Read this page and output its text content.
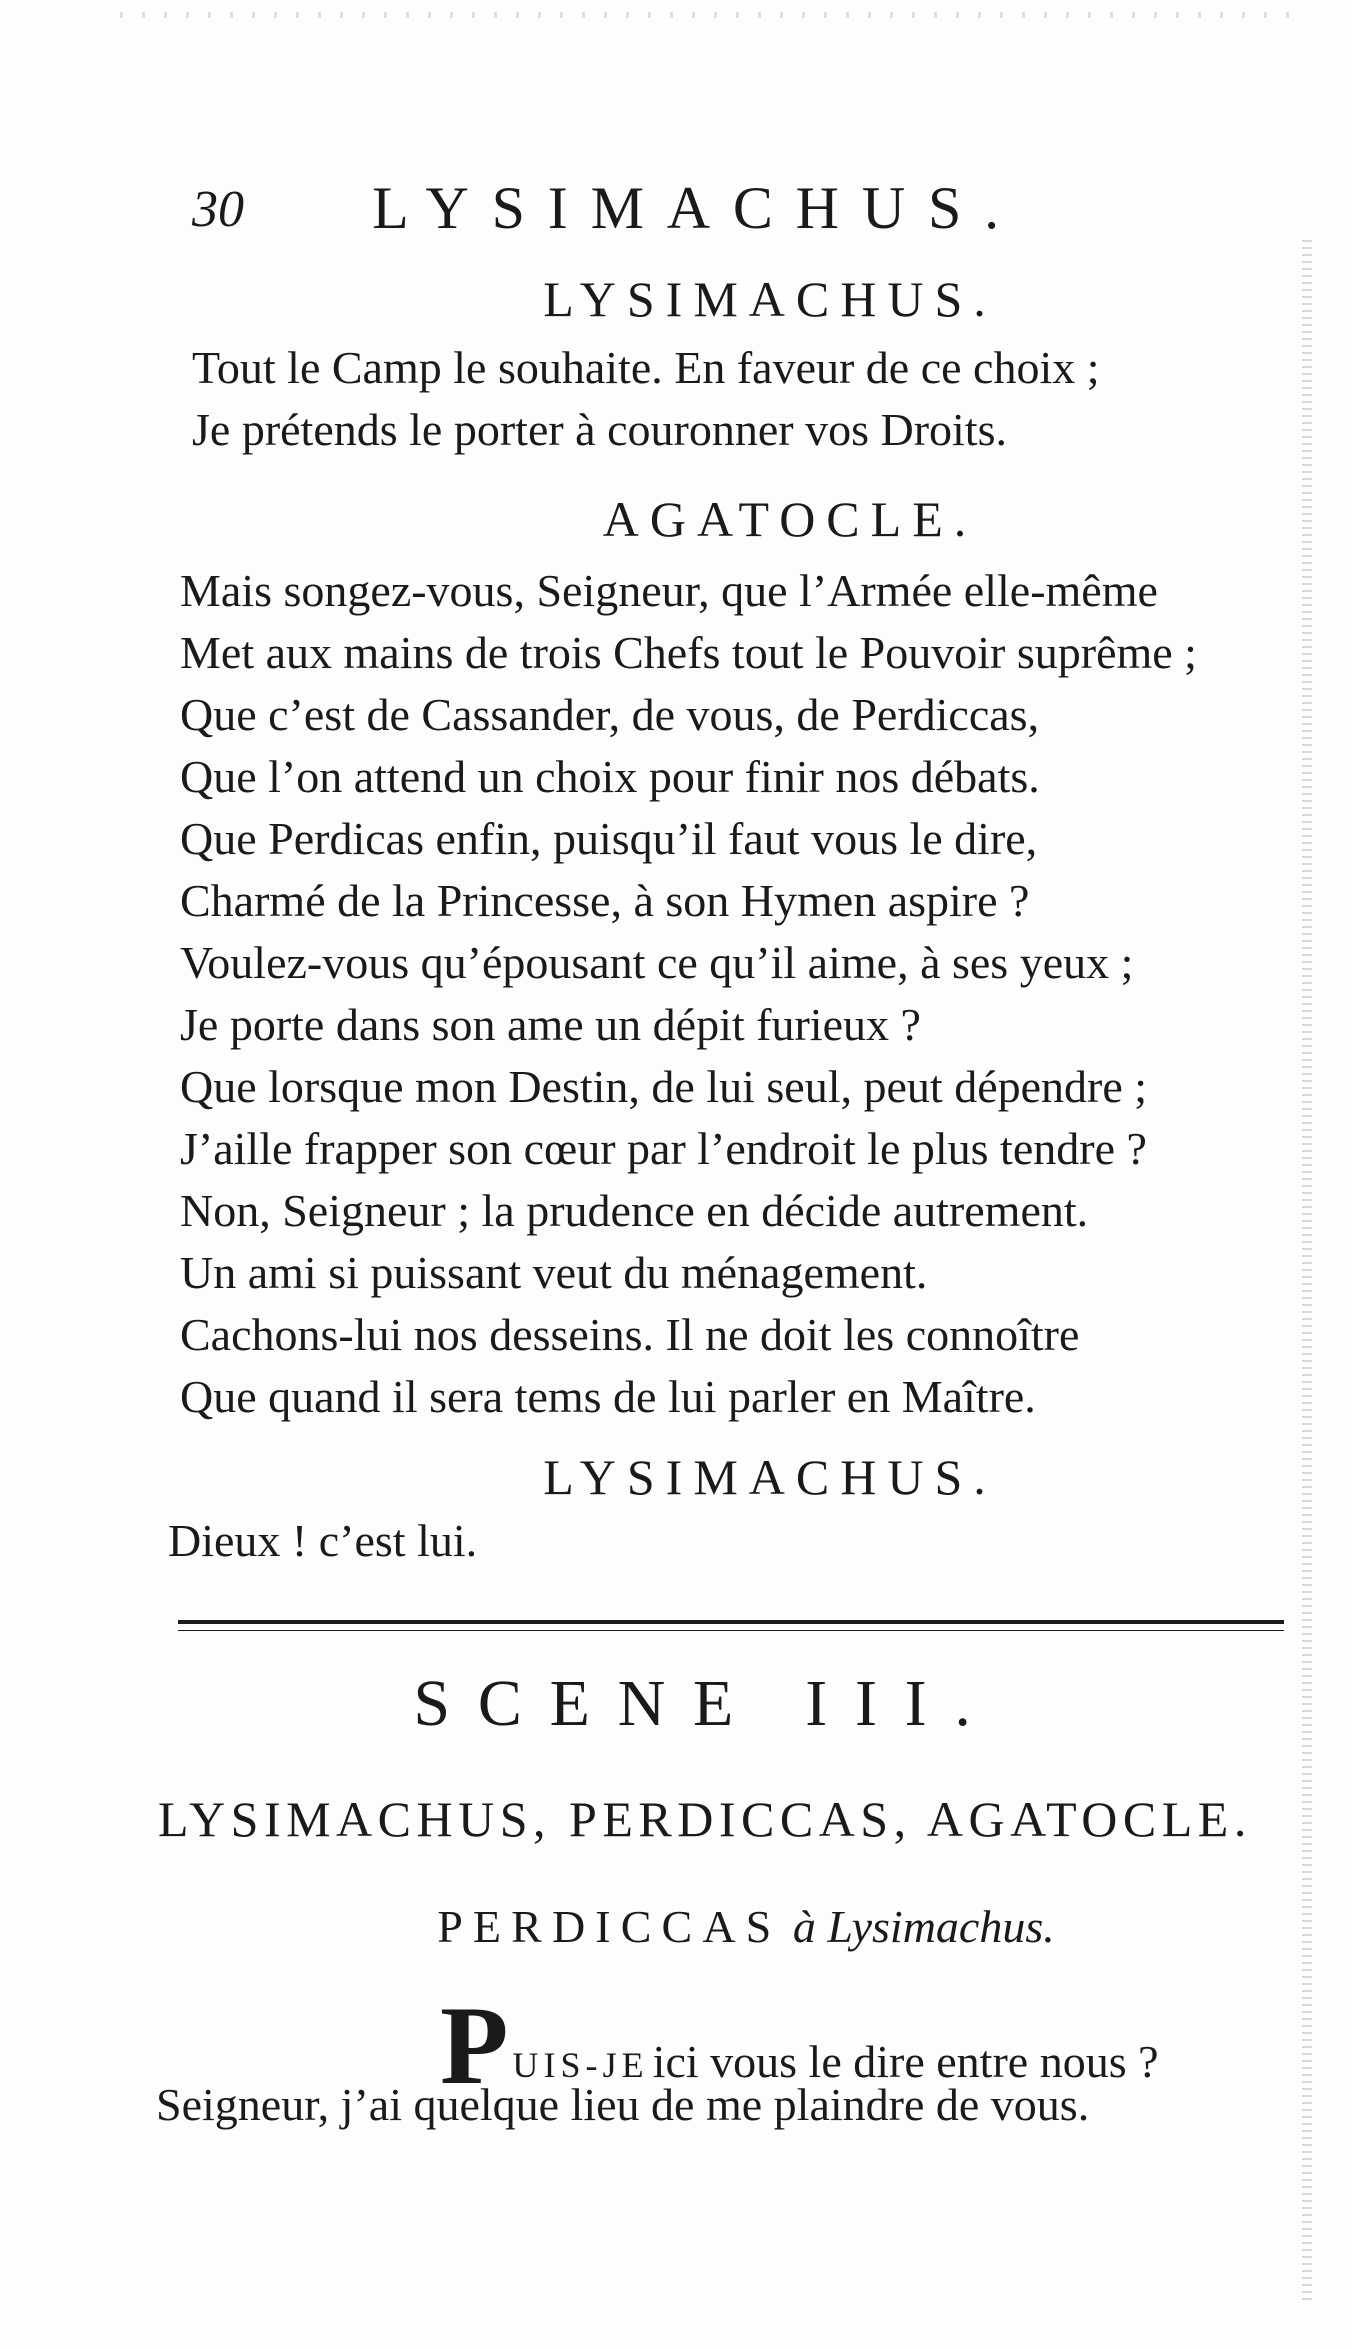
30	LYSIMACHUS.
LYSIMACHUS.
Tout le Camp le souhaite. En faveur de ce choix ;
Je prétends le porter à couronner vos Droits.
AGATOCLE.
Mais songez-vous, Seigneur, que l’Armée elle-même
Met aux mains de trois Chefs tout le Pouvoir suprême ;
Que c’est de Cassander, de vous, de Perdiccas,
Que l’on attend un choix pour finir nos débats.
Que Perdicas enfin, puisqu’il faut vous le dire,
Charmé de la Princesse, à son Hymen aspire ?
Voulez-vous qu’épousant ce qu’il aime, à ses yeux ;
Je porte dans son ame un dépit furieux ?
Que lorsque mon Destin, de lui seul, peut dépendre ;
J’aille frapper son cœur par l’endroit le plus tendre ?
Non, Seigneur ; la prudence en décide autrement.
Un ami si puissant veut du ménagement.
Cachons-lui nos desseins. Il ne doit les connoître
Que quand il sera tems de lui parler en Maître.
LYSIMACHUS.
Dieux ! c’est lui.
SCENE III.
LYSIMACHUS, PERDICCAS, AGATOCLE.
PERDICCAS à Lysimachus.
P UIS-JE ici vous le dire entre nous ?
Seigneur, j’ai quelque lieu de me plaindre de vous.
